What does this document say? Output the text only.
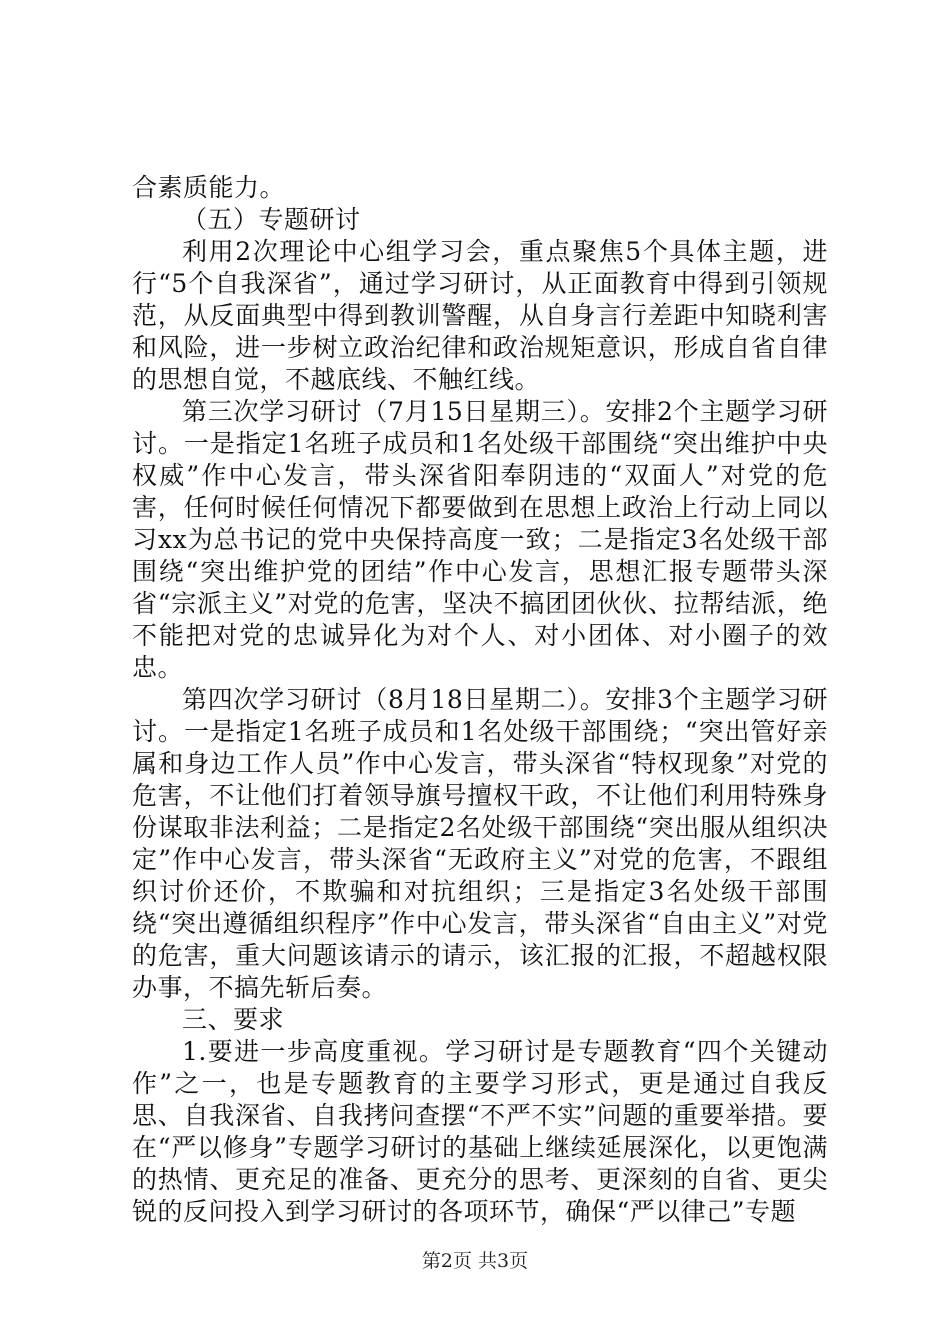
合素质能力。

（五）专题研讨

利用2次理论中心组学习会，重点聚焦5个具体主题，进行“5个自我深省”，通过学习研讨，从正面教育中得到引领规范，从反面典型中得到教训警醒，从自身言行差距中知晓利害和风险，进一步树立政治纪律和政治规矩意识，形成自省自律的思想自觉，不越底线、不触红线。

第三次学习研讨（7月15日星期三）。安排2个主题学习研讨。一是指定1名班子成员和1名处级干部围绕“突出维护中央权威”作中心发言，带头深省阳奉阴违的“双面人”对党的危害，任何时候任何情况下都要做到在思想上政治上行动上同以习xx为总书记的党中央保持高度一致；二是指定3名处级干部围绕“突出维护党的团结”作中心发言，思想汇报专题带头深省“宗派主义”对党的危害，坚决不搞团团伙伙、拉帮结派，绝不能把对党的忠诚异化为对个人、对小团体、对小圈子的效忠。

第四次学习研讨（8月18日星期二）。安排3个主题学习研讨。一是指定1名班子成员和1名处级干部围绕；“突出管好亲属和身边工作人员”作中心发言，带头深省“特权现象”对党的危害，不让他们打着领导旗号擅权干政，不让他们利用特殊身份谋取非法利益；二是指定2名处级干部围绕“突出服从组织决定”作中心发言，带头深省“无政府主义”对党的危害，不跟组织讨价还价，不欺骗和对抗组织；三是指定3名处级干部围绕“突出遵循组织程序”作中心发言，带头深省“自由主义”对党的危害，重大问题该请示的请示，该汇报的汇报，不超越权限办事，不搞先斩后奏。

三、要求

1.要进一步高度重视。学习研讨是专题教育“四个关键动作”之一，也是专题教育的主要学习形式，更是通过自我反思、自我深省、自我拷问查摆“不严不实”问题的重要举措。要在“严以修身”专题学习研讨的基础上继续延展深化，以更饱满的热情、更充足的准备、更充分的思考、更深刻的自省、更尖锐的反问投入到学习研讨的各项环节，确保“严以律己”专题

第2页 共3页
